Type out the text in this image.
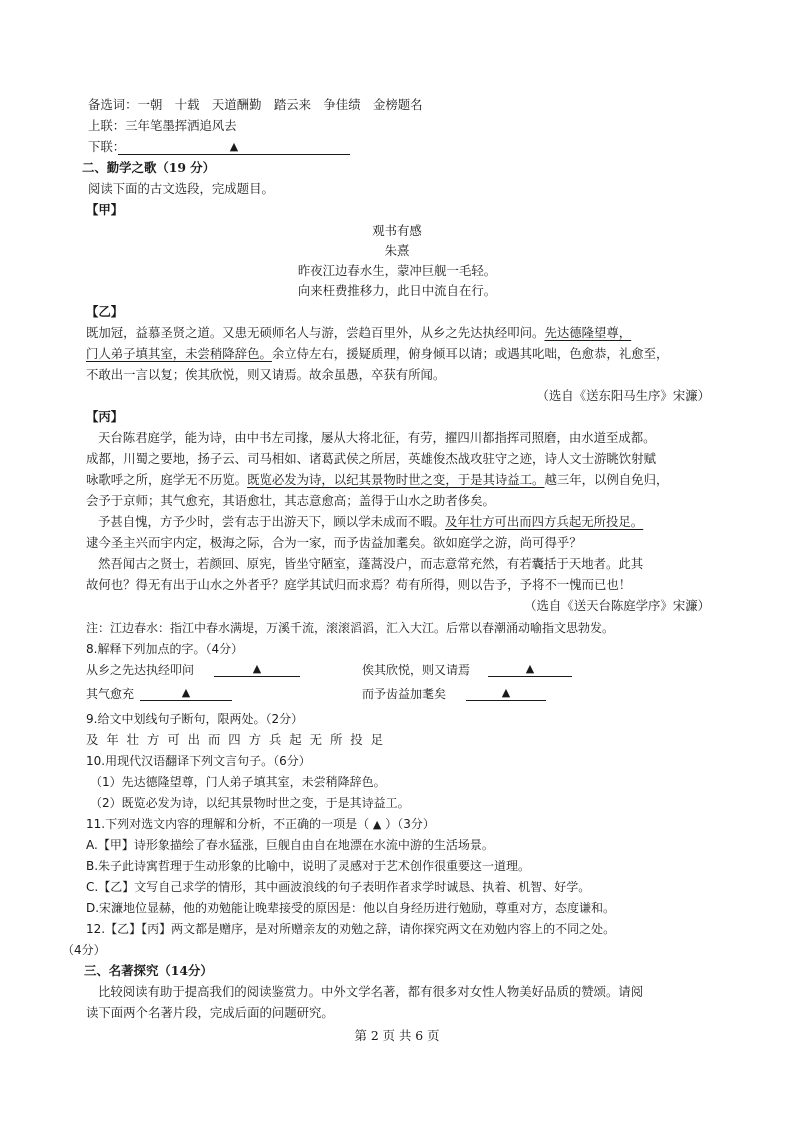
备选词：一朝　十载　天道酬勤　踏云来　争佳绩　金榜题名
上联：三年笔墨挥洒追风去
下联：	▲
二、勤学之歌（19 分）
阅读下面的古文选段，完成题目。
【甲】
观书有感
朱熹
昨夜江边春水生，蒙冲巨舰一毛轻。
向来枉费推移力，此日中流自在行。
【乙】
既加冠，益慕圣贤之道。又患无硕师名人与游，尝趋百里外，从乡之先达执经叩问。先达德隆望尊，
门人弟子填其室，未尝稍降辞色。余立侍左右，援疑质理，俯身倾耳以请；或遇其叱咄，色愈恭，礼愈至，
不敢出一言以复；俟其欣悦，则又请焉。故余虽愚，卒获有所闻。
（选自《送东阳马生序》宋濂）
【丙】
天台陈君庭学，能为诗，由中书左司掾，屡从大将北征，有劳，擢四川都指挥司照磨，由水道至成都。
成都，川蜀之要地，扬子云、司马相如、诸葛武侯之所居，英雄俊杰战攻驻守之迹，诗人文士游眺饮射赋
咏歌呼之所，庭学无不历览。既览必发为诗，以纪其景物时世之变，于是其诗益工。越三年，以例自免归，
会予于京师；其气愈充，其语愈壮，其志意愈高；盖得于山水之助者侈矣。
予甚自愧，方予少时，尝有志于出游天下，顾以学未成而不暇。及年壮方可出而四方兵起无所投足。
逮今圣主兴而宇内定，极海之际，合为一家，而予齿益加耄矣。欲如庭学之游，尚可得乎？
然吾闻古之贤士，若颜回、原宪，皆坐守陋室，蓬蒿没户，而志意常充然，有若囊括于天地者。此其
故何也？得无有出于山水之外者乎？庭学其试归而求焉？苟有所得，则以告予，予将不一愧而已也！
（选自《送天台陈庭学序》宋濂）
注：江边春水：指江中春水满堤，万溪千流，滚滚滔滔，汇入大江。后常以春潮涌动喻指文思勃发。
8.解释下列加点的字。（4分）
从乡之先达执经叩问	▲	俟其欣悦，则又请焉	▲
其气愈充	▲	而予齿益加耄矣	▲
9.给文中划线句子断句，限两处。（2分）
及 年 壮 方 可 出 而 四 方 兵 起 无 所 投 足
10.用现代汉语翻译下列文言句子。（6分）
（1）先达德隆望尊，门人弟子填其室，未尝稍降辞色。
（2）既览必发为诗，以纪其景物时世之变，于是其诗益工。
11.下列对选文内容的理解和分析，不正确的一项是（ ▲ ）（3分）
A.【甲】诗形象描绘了春水猛涨，巨舰自由自在地漂在水流中游的生活场景。
B.朱子此诗寓哲理于生动形象的比喻中，说明了灵感对于艺术创作很重要这一道理。
C.【乙】文写自己求学的情形，其中画波浪线的句子表明作者求学时诚恳、执着、机智、好学。
D.宋濂地位显赫，他的劝勉能让晚辈接受的原因是：他以自身经历进行勉励，尊重对方，态度谦和。
12.【乙】【丙】两文都是赠序，是对所赠亲友的劝勉之辞，请你探究两文在劝勉内容上的不同之处。
（4分）
三、名著探究（14分）
比较阅读有助于提高我们的阅读鉴赏力。中外文学名著，都有很多对女性人物美好品质的赞颂。请阅
读下面两个名著片段，完成后面的问题研究。
第 2 页 共 6 页
